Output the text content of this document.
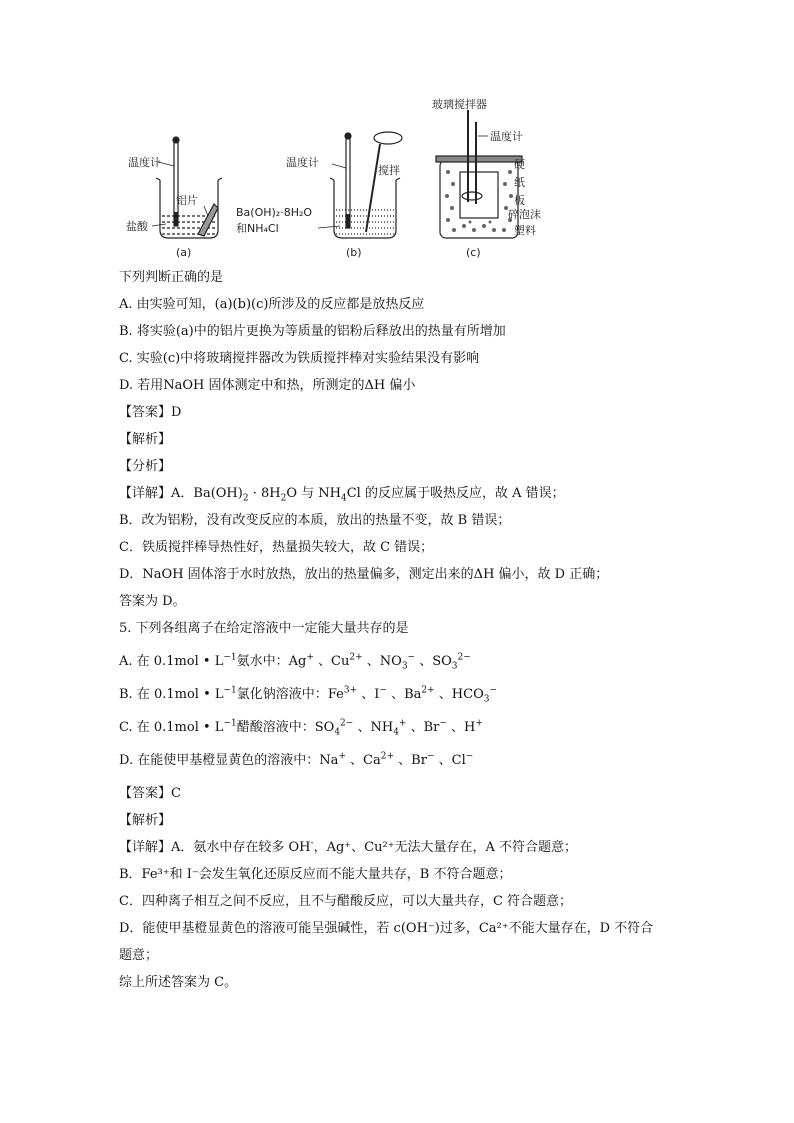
温度计
铝片
盐酸
(a)
温度计
搅拌
Ba(OH)₂·8H₂O
和NH₄Cl
(b)
玻璃搅拌器
温度计
硬
纸
板
碎泡沫
塑料
(c)
下列判断正确的是
A. 由实验可知，(a)(b)(c)所涉及的反应都是放热反应
B. 将实验(a)中的铝片更换为等质量的铝粉后释放出的热量有所增加
C. 实验(c)中将玻璃搅拌器改为铁质搅拌棒对实验结果没有影响
D. 若用NaOH 固体测定中和热，所测定的ΔH 偏小
【答案】D
【解析】
【分析】
【详解】A．$Ba(OH)_2 \cdot 8H_2O$ 与 $NH_4Cl$ 的反应属于吸热反应，故 A 错误；
B．改为铝粉，没有改变反应的本质，放出的热量不变，故 B 错误；
C．铁质搅拌棒导热性好，热量损失较大，故 C 错误；
D．NaOH 固体溶于水时放热，放出的热量偏多，测定出来的ΔH 偏小，故 D 正确；
答案为 D。
5. 下列各组离子在给定溶液中一定能大量共存的是
A. 在 0.1mol • $L^{-1}$氨水中：Ag+ 、$Cu^{2+}$ 、$NO_3^-$ 、$SO_3^{2-}$
B. 在 0.1mol • $L^{-1}$氯化钠溶液中：$Fe^{3+}$ 、I− 、$Ba^{2+}$ 、$HCO_3^-$
C. 在 0.1mol • $L^{-1}$醋酸溶液中：$SO_4^{2-}$ 、$NH_4^+$ 、Br− 、H+
D. 在能使甲基橙显黄色的溶液中：Na+ 、$Ca^{2+}$ 、Br− 、Cl−
【答案】C
【解析】
【详解】A．氨水中存在较多 OH-，Ag⁺、Cu²⁺无法大量存在，A 不符合题意；
B．Fe³⁺和 I⁻会发生氧化还原反应而不能大量共存，B 不符合题意；
C．四种离子相互之间不反应，且不与醋酸反应，可以大量共存，C 符合题意；
D．能使甲基橙显黄色的溶液可能呈强碱性，若 c(OH⁻)过多，Ca²⁺不能大量存在，D 不符合
题意；
综上所述答案为 C。
